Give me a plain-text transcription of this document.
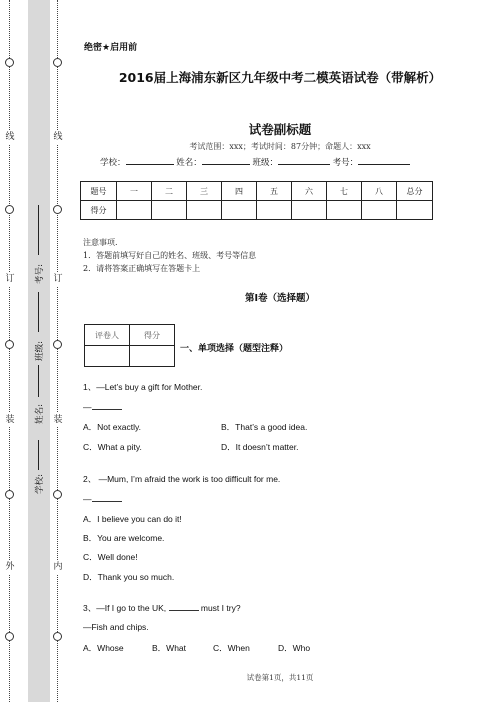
线
订
装
外
学校:
姓名:
班级:
考号:
线
订
装
内
绝密★启用前
2016届上海浦东新区九年级中考二模英语试卷（带解析）
试卷副标题
考试范围：xxx；考试时间：87分钟；命题人：xxx
学校：	姓名：	班级：	考号：
题号	一	二	三	四	五	六	七	八	总分
得分									
注意事项.
1．答题前填写好自己的姓名、班级、考号等信息
2．请将答案正确填写在答题卡上
第I卷（选择题）
评卷人	得分

一、单项选择（题型注释）
1、—Let’s buy a gift for Mother.
—
A．Not exactly.	B．That’s a good idea.
C．What a pity.	D．It doesn’t matter.
2、 —Mum, I’m afraid the work is too difficult for me.
—
A．I believe you can do it!
B．You are welcome.
C．Well done!
D．Thank you so much.
3、—If I go to the UK,	must I try?
—Fish and chips.
A．Whose	B．What	C．When	D．Who
试卷第1页，共11页
